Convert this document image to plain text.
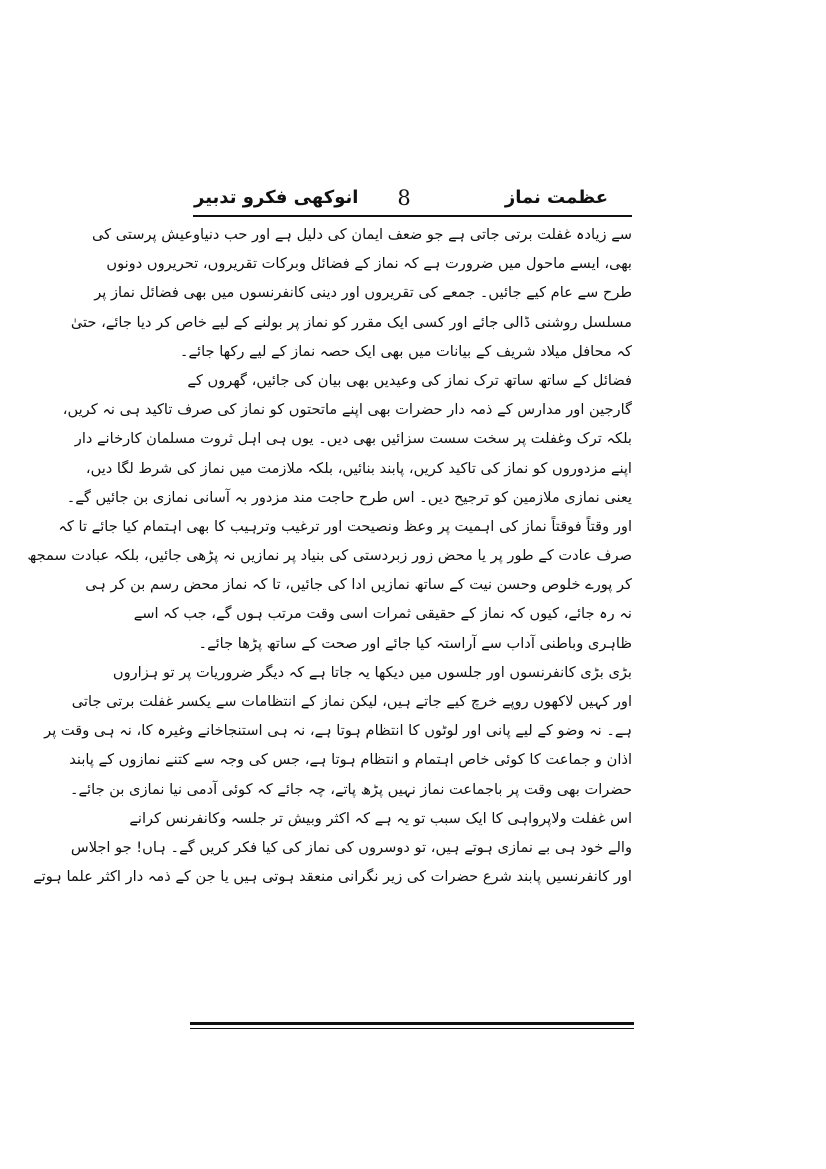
عظمت نماز
8
انوکھی فکرو تدبیر
سے زیادہ غفلت برتی جاتی ہے جو ضعف ایمان کی دلیل ہے اور حب دنیاوعیش پرستی کی
بھی، ایسے ماحول میں ضرورت ہے کہ نماز کے فضائل وبرکات تقریروں، تحریروں دونوں
طرح سے عام کیے جائیں۔ جمعے کی تقریروں اور دینی کانفرنسوں میں بھی فضائل نماز پر
مسلسل روشنی ڈالی جائے اور کسی ایک مقرر کو نماز پر بولنے کے لیے خاص کر دیا جائے، حتیٰ
کہ محافل میلاد شریف کے بیانات میں بھی ایک حصہ نماز کے لیے رکھا جائے۔
فضائل کے ساتھ ساتھ ترک نماز کی وعیدیں بھی بیان کی جائیں، گھروں کے
گارجین اور مدارس کے ذمہ دار حضرات بھی اپنے ماتحتوں کو نماز کی صرف تاکید ہی نہ کریں،
بلکہ ترک وغفلت پر سخت سست سزائیں بھی دیں۔ یوں ہی اہل ثروت مسلمان کارخانے دار
اپنے مزدوروں کو نماز کی تاکید کریں، پابند بنائیں، بلکہ ملازمت میں نماز کی شرط لگا دیں،
یعنی نمازی ملازمین کو ترجیح دیں۔ اس طرح حاجت مند مزدور بہ آسانی نمازی بن جائیں گے۔
اور وقتاً فوقتاً نماز کی اہمیت پر وعظ ونصیحت اور ترغیب وترہیب کا بھی اہتمام کیا جائے تا کہ
صرف عادت کے طور پر یا محض زور زبردستی کی بنیاد پر نمازیں نہ پڑھی جائیں، بلکہ عبادت سمجھ
کر پورے خلوص وحسن نیت کے ساتھ نمازیں ادا کی جائیں، تا کہ نماز محض رسم بن کر ہی
نہ رہ جائے، کیوں کہ نماز کے حقیقی ثمرات اسی وقت مرتب ہوں گے، جب کہ اسے
ظاہری وباطنی آداب سے آراستہ کیا جائے اور صحت کے ساتھ پڑھا جائے۔
بڑی بڑی کانفرنسوں اور جلسوں میں دیکھا یہ جاتا ہے کہ دیگر ضروریات پر تو ہزاروں
اور کہیں لاکھوں روپے خرچ کیے جاتے ہیں، لیکن نماز کے انتظامات سے یکسر غفلت برتی جاتی
ہے۔ نہ وضو کے لیے پانی اور لوٹوں کا انتظام ہوتا ہے، نہ ہی استنجاخانے وغیرہ کا، نہ ہی وقت پر
اذان و جماعت کا کوئی خاص اہتمام و انتظام ہوتا ہے، جس کی وجہ سے کتنے نمازوں کے پابند
حضرات بھی وقت پر باجماعت نماز نہیں پڑھ پاتے، چہ جائے کہ کوئی آدمی نیا نمازی بن جائے۔
اس غفلت ولاپرواہی کا ایک سبب تو یہ ہے کہ اکثر وبیش تر جلسہ وکانفرنس کرانے
والے خود ہی بے نمازی ہوتے ہیں، تو دوسروں کی نماز کی کیا فکر کریں گے۔ ہاں! جو اجلاس
اور کانفرنسیں پابند شرع حضرات کی زیر نگرانی منعقد ہوتی ہیں یا جن کے ذمہ دار اکثر علما ہوتے
